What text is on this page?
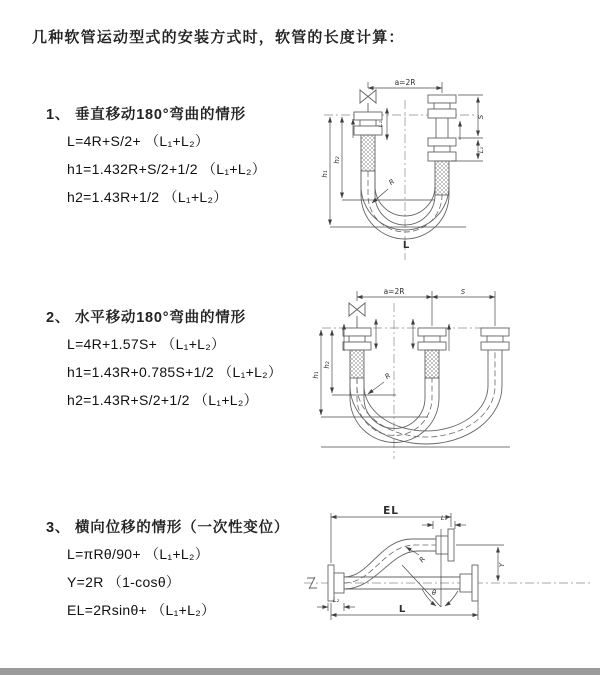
几种软管运动型式的安装方式时，软管的长度计算：
1、 垂直移动180°弯曲的情形
L=4R+S/2+ （L₁+L₂）
h1=1.432R+S/2+1/2 （L₁+L₂）
h2=1.43R+1/2 （L₁+L₂）
2、 水平移动180°弯曲的情形
L=4R+1.57S+ （L₁+L₂）
h1=1.43R+0.785S+1/2 （L₁+L₂）
h2=1.43R+S/2+1/2 （L₁+L₂）
3、 横向位移的情形（一次性变位）
L=πRθ/90+ （L₁+L₂）
Y=2R （1-cosθ）
EL=2Rsinθ+ （L₁+L₂）
a=2R
S
L₁
L₁
h₁
h₂
R
L
a=2R	S
h₁
h₂
R
EL
L₁
Y
θ
R
L₂
L
